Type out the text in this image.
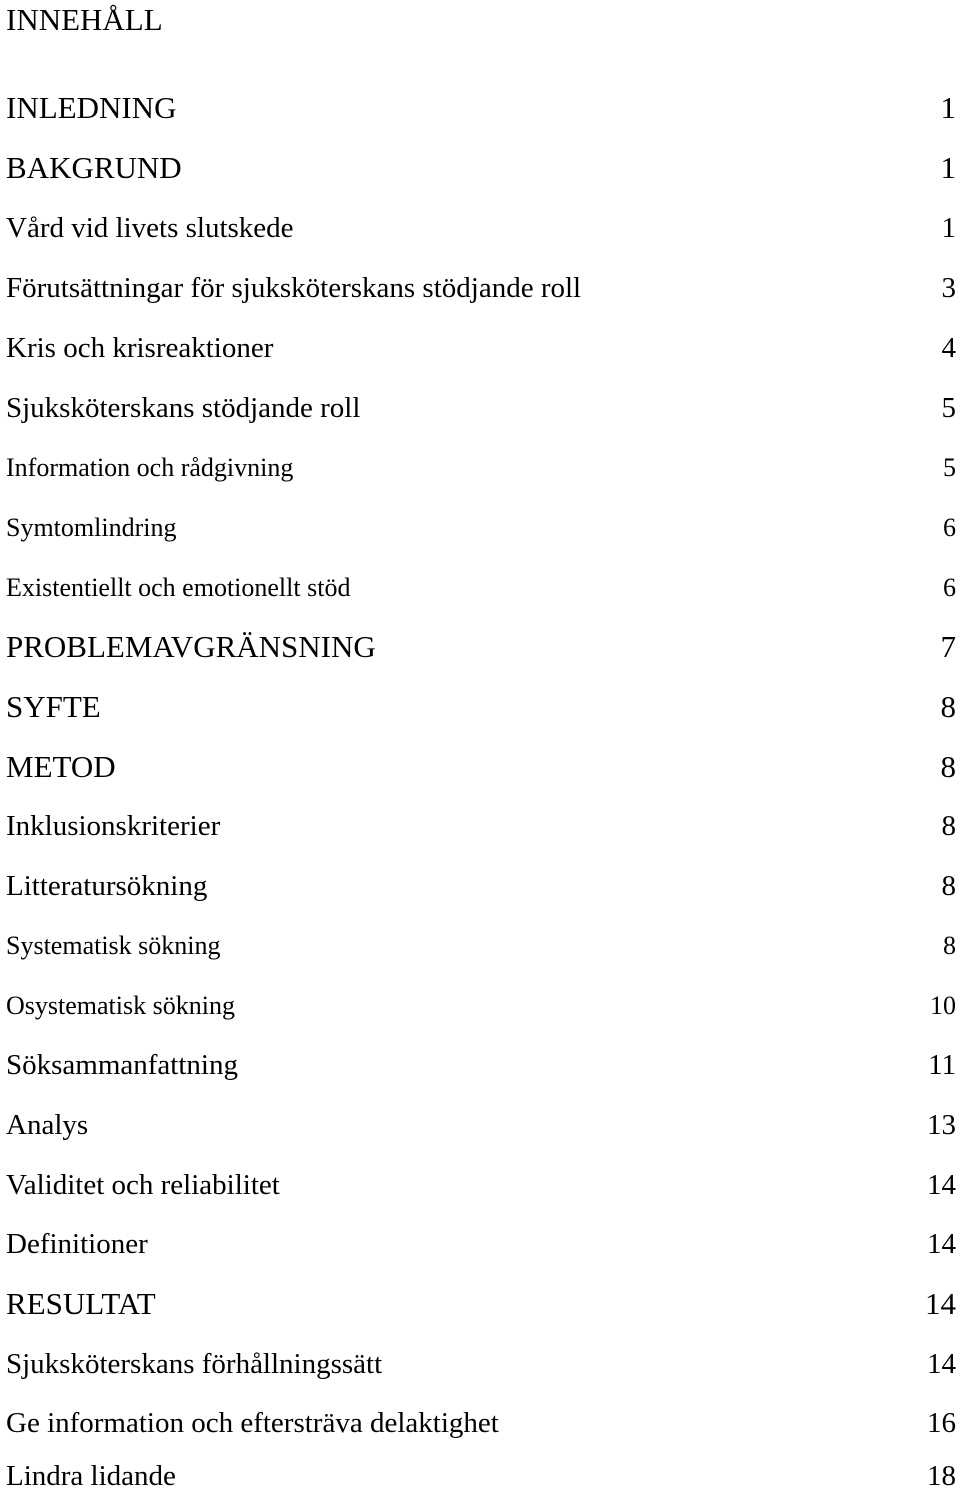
INNEHÅLL
INLEDNING	1
BAKGRUND	1
Vård vid livets slutskede	1
Förutsättningar för sjuksköterskans stödjande roll	3
Kris och krisreaktioner	4
Sjuksköterskans stödjande roll	5
Information och rådgivning	5
Symtomlindring	6
Existentiellt och emotionellt stöd	6
PROBLEMAVGRÄNSNING	7
SYFTE	8
METOD	8
Inklusionskriterier	8
Litteratursökning	8
Systematisk sökning	8
Osystematisk sökning	10
Söksammanfattning	11
Analys	13
Validitet och reliabilitet	14
Definitioner	14
RESULTAT	14
Sjuksköterskans förhållningssätt	14
Ge information och eftersträva delaktighet	16
Lindra lidande	18
